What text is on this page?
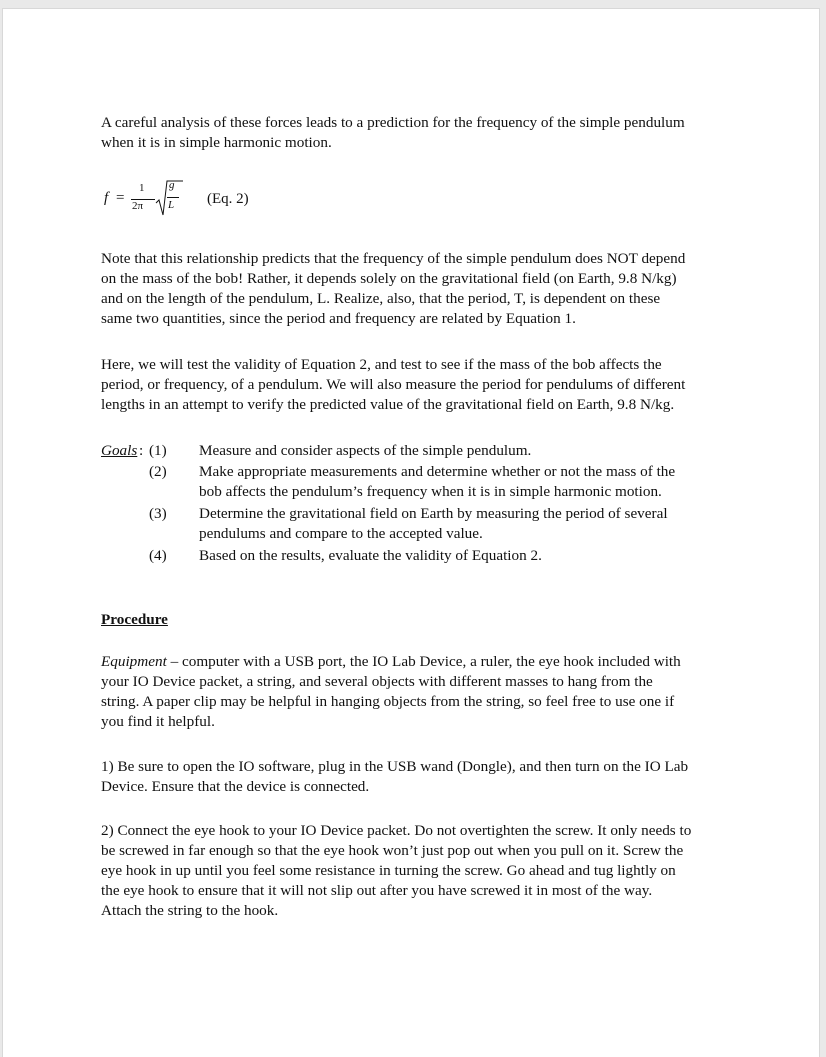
A careful analysis of these forces leads to a prediction for the frequency of the simple pendulum
when it is in simple harmonic motion.

f =
1
2π
g
L (Eq. 2)

Note that this relationship predicts that the frequency of the simple pendulum does NOT depend
on the mass of the bob! Rather, it depends solely on the gravitational field (on Earth, 9.8 N/kg)
and on the length of the pendulum, L. Realize, also, that the period, T, is dependent on these
same two quantities, since the period and frequency are related by Equation 1.

Here, we will test the validity of Equation 2, and test to see if the mass of the bob affects the
period, or frequency, of a pendulum. We will also measure the period for pendulums of different
lengths in an attempt to verify the predicted value of the gravitational field on Earth, 9.8 N/kg.

Goals : (1) Measure and consider aspects of the simple pendulum.
(2) Make appropriate measurements and determine whether or not the mass of the
bob affects the pendulum’s frequency when it is in simple harmonic motion.
(3) Determine the gravitational field on Earth by measuring the period of several
pendulums and compare to the accepted value.
(4) Based on the results, evaluate the validity of Equation 2.
Procedure

Equipment – computer with a USB port, the IO Lab Device, a ruler, the eye hook included with
your IO Device packet, a string, and several objects with different masses to hang from the
string. A paper clip may be helpful in hanging objects from the string, so feel free to use one if
you find it helpful.

1) Be sure to open the IO software, plug in the USB wand (Dongle), and then turn on the IO Lab
Device. Ensure that the device is connected.

2) Connect the eye hook to your IO Device packet. Do not overtighten the screw. It only needs to
be screwed in far enough so that the eye hook won’t just pop out when you pull on it. Screw the
eye hook in up until you feel some resistance in turning the screw. Go ahead and tug lightly on
the eye hook to ensure that it will not slip out after you have screwed it in most of the way.
Attach the string to the hook.
